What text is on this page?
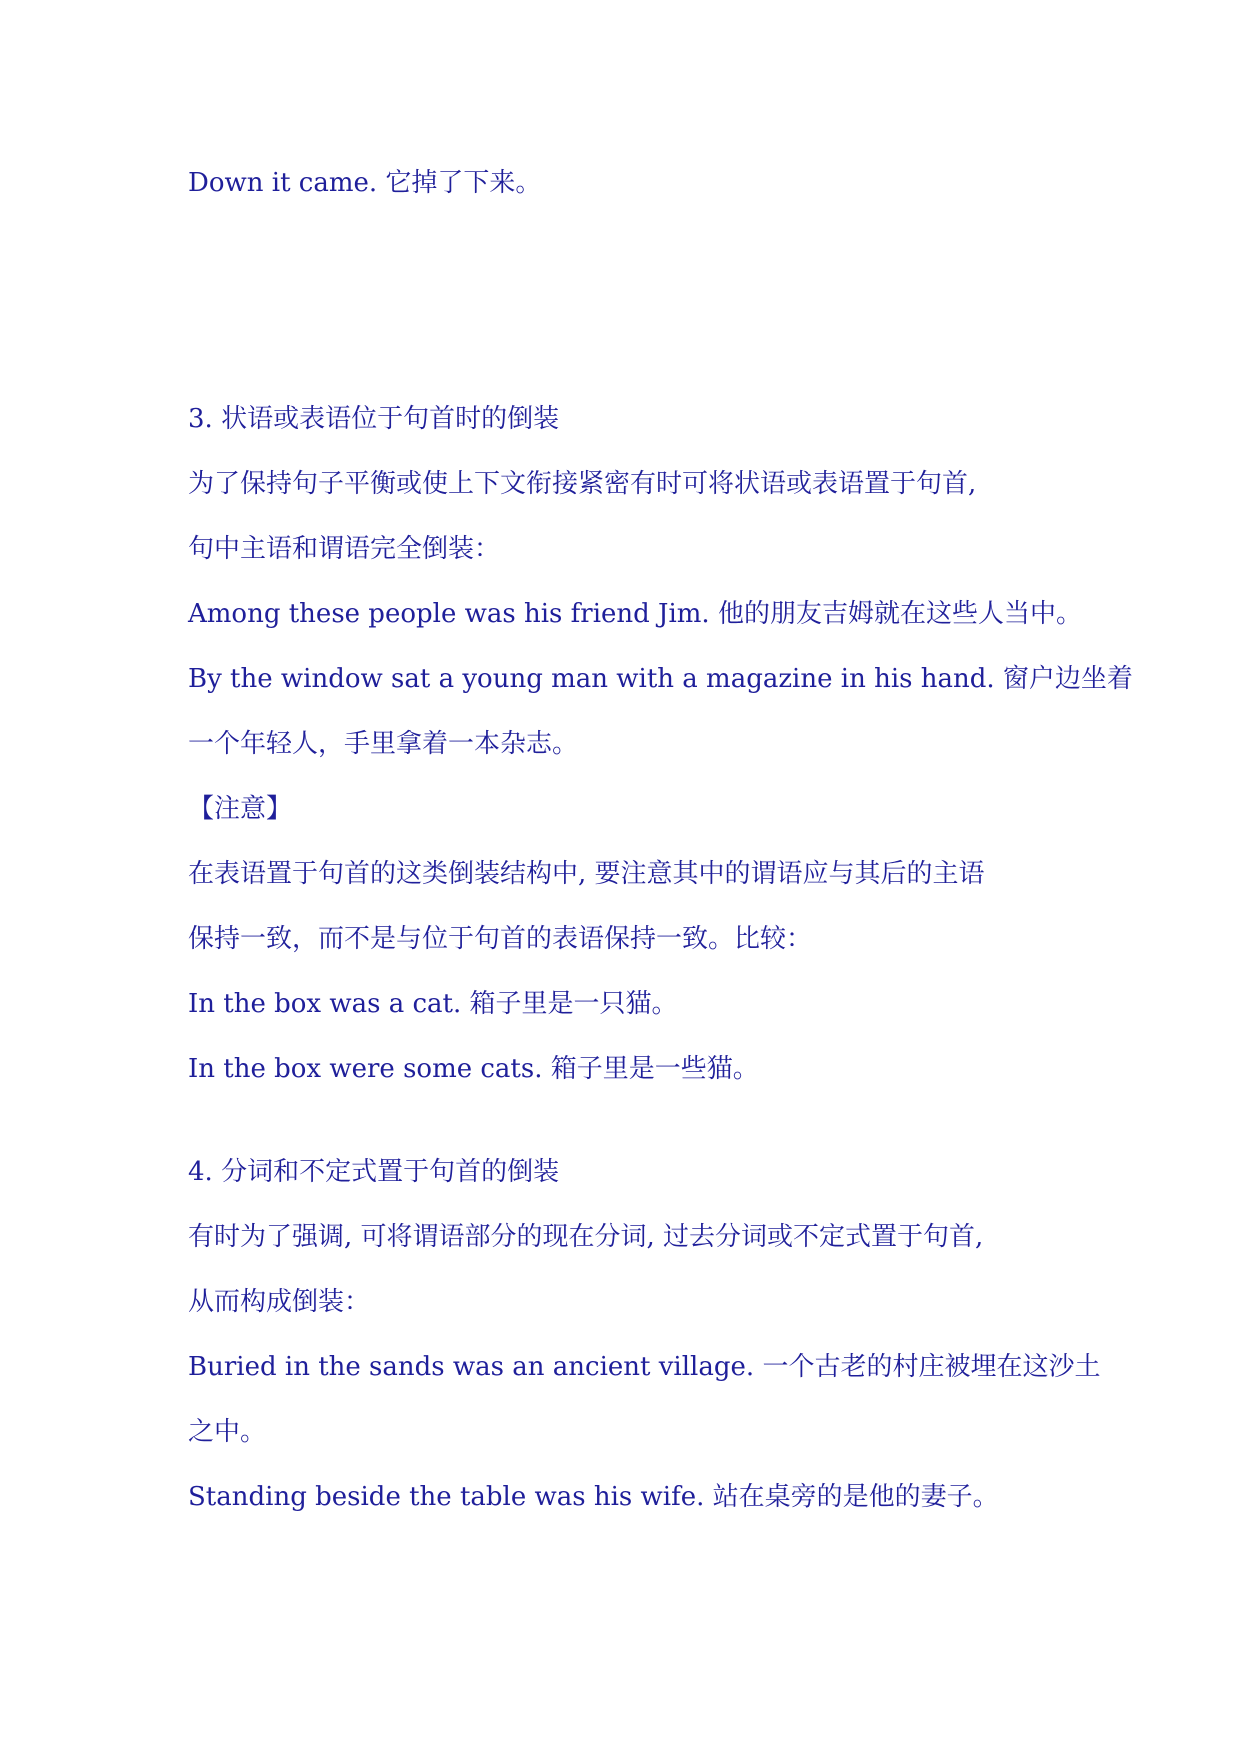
Down it came. 它掉了下来。

3. 状语或表语位于句首时的倒装

为了保持句子平衡或使上下文衔接紧密有时可将状语或表语置于句首,

句中主语和谓语完全倒装：

Among these people was his friend Jim. 他的朋友吉姆就在这些人当中。

By the window sat a young man with a magazine in his hand. 窗户边坐着

一个年轻人，手里拿着一本杂志。

【注意】

在表语置于句首的这类倒装结构中, 要注意其中的谓语应与其后的主语

保持一致，而不是与位于句首的表语保持一致。比较：

In the box was a cat. 箱子里是一只猫。

In the box were some cats. 箱子里是一些猫。

4. 分词和不定式置于句首的倒装

有时为了强调, 可将谓语部分的现在分词, 过去分词或不定式置于句首,

从而构成倒装：

Buried in the sands was an ancient village. 一个古老的村庄被埋在这沙土

之中。

Standing beside the table was his wife. 站在桌旁的是他的妻子。
